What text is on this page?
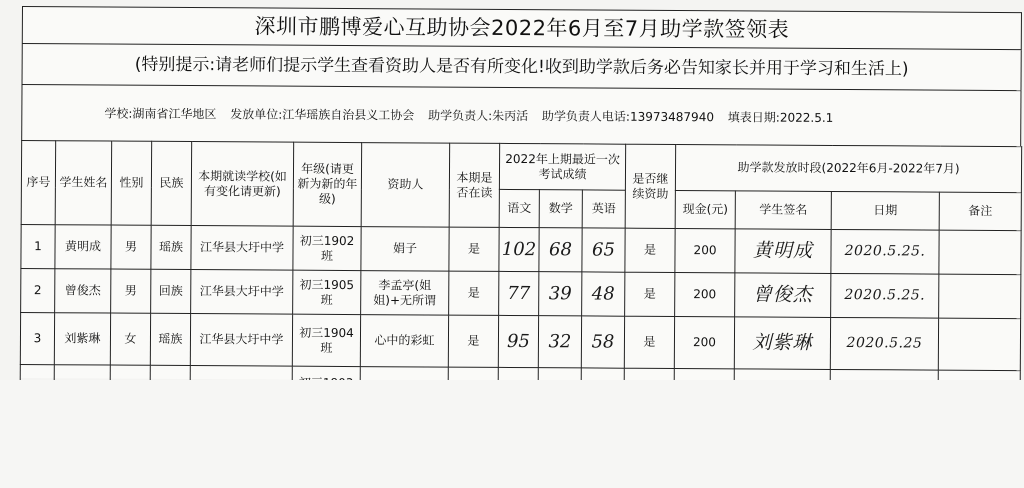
深圳市鹏博爱心互助协会2022年6月至7月助学款签领表
(特别提示:请老师们提示学生查看资助人是否有所变化!收到助学款后务必告知家长并用于学习和生活上)
学校:湖南省江华地区 发放单位:江华瑶族自治县义工协会 助学负责人:朱丙活 助学负责人电话:13973487940 填表日期:2022.5.1
序号	学生姓名	性别	民族	本期就读学校(如有变化请更新)	年级(请更新为新的年级)	资助人	本期是否在读	2022年上期最近一次考试成绩			是否继续资助	助学款发放时段(2022年6月-2022年7月)			
								语文	数学	英语		现金(元)	学生签名	日期	备注
1	黄明成	男	瑶族	江华县大圩中学	初三1902班	娟子	是	102	68	65	是	200	黄明成	2020.5.25.	
2	曾俊杰	男	回族	江华县大圩中学	初三1905班	李孟亭(姐姐)+无所谓	是	77	39	48	是	200	曾俊杰	2020.5.25.	
3	刘紫琳	女	瑶族	江华县大圩中学	初三1904班	心中的彩虹	是	95	32	58	是	200	刘紫琳	2020.5.25	
